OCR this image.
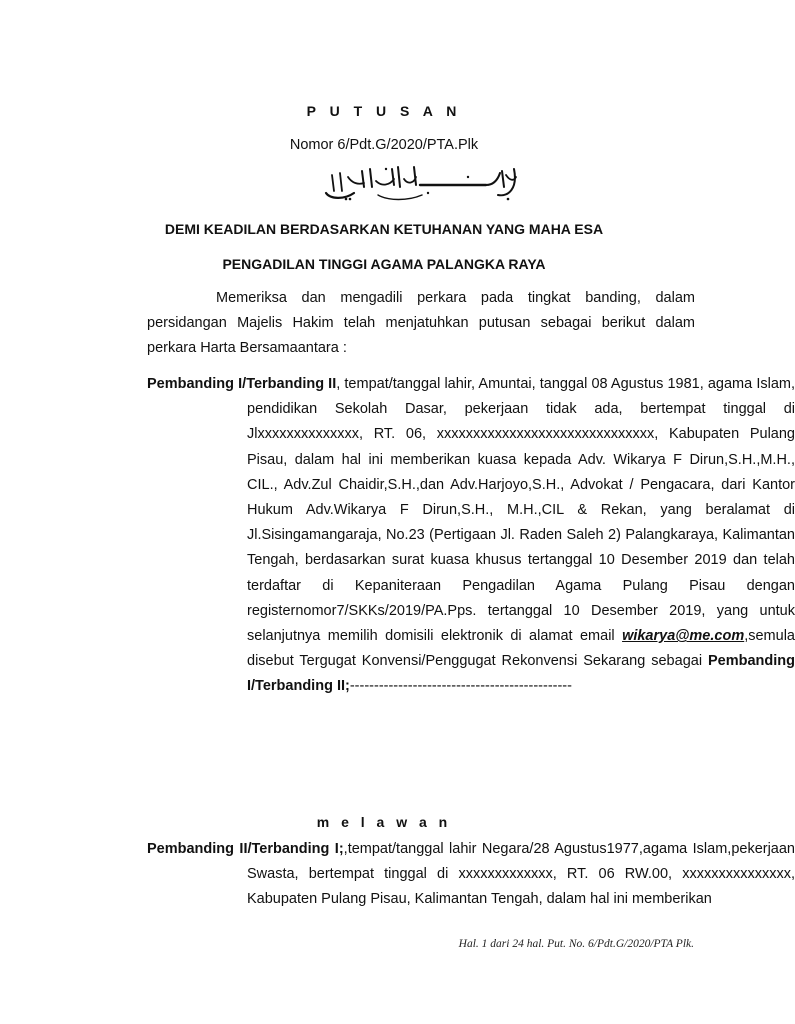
P U T U S A N
Nomor 6/Pdt.G/2020/PTA.Plk
DEMI KEADILAN BERDASARKAN KETUHANAN YANG MAHA ESA
PENGADILAN TINGGI AGAMA PALANGKA RAYA
Memeriksa dan mengadili perkara pada tingkat banding, dalam persidangan Majelis Hakim telah menjatuhkan putusan sebagai berikut dalam perkara Harta Bersamaantara :
Pembanding I/Terbanding II, tempat/tanggal lahir, Amuntai, tanggal 08 Agustus 1981, agama Islam, pendidikan Sekolah Dasar, pekerjaan tidak ada, bertempat tinggal di Jlxxxxxxxxxxxxxx, RT. 06, xxxxxxxxxxxxxxxxxxxxxxxxxxxxxx, Kabupaten Pulang Pisau, dalam hal ini memberikan kuasa kepada Adv. Wikarya F Dirun,S.H.,M.H., CIL., Adv.Zul Chaidir,S.H.,dan Adv.Harjoyo,S.H., Advokat / Pengacara, dari Kantor Hukum Adv.Wikarya F Dirun,S.H., M.H.,CIL & Rekan, yang beralamat di Jl.Sisingamangaraja, No.23 (Pertigaan Jl. Raden Saleh 2) Palangkaraya, Kalimantan Tengah, berdasarkan surat kuasa khusus tertanggal 10 Desember 2019 dan telah terdaftar di Kepaniteraan Pengadilan Agama Pulang Pisau dengan registernomor7/SKKs/2019/PA.Pps. tertanggal 10 Desember 2019, yang untuk selanjutnya memilih domisili elektronik di alamat email wikarya@me.com,semula disebut Tergugat Konvensi/Penggugat Rekonvensi Sekarang sebagai Pembanding I/Terbanding II;----------------------------------------------
m e l a w a n
Pembanding II/Terbanding I;,tempat/tanggal lahir Negara/28 Agustus1977,agama Islam,pekerjaan Swasta, bertempat tinggal di xxxxxxxxxxxxx, RT. 06 RW.00, xxxxxxxxxxxxxxx, Kabupaten Pulang Pisau, Kalimantan Tengah, dalam hal ini memberikan
Hal. 1 dari 24 hal. Put. No. 6/Pdt.G/2020/PTA Plk.
